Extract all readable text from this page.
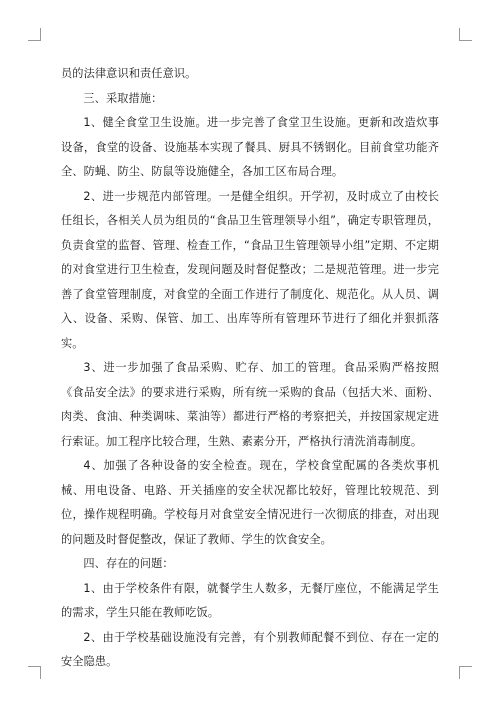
员的法律意识和责任意识。

三、采取措施：

1、健全食堂卫生设施。进一步完善了食堂卫生设施。更新和改造炊事设备，食堂的设备、设施基本实现了餐具、厨具不锈钢化。目前食堂功能齐全、防蝇、防尘、防鼠等设施健全，各加工区布局合理。

2、进一步规范内部管理。一是健全组织。开学初，及时成立了由校长任组长，各相关人员为组员的“食品卫生管理领导小组”，确定专职管理员，负责食堂的监督、管理、检查工作，“食品卫生管理领导小组”定期、不定期的对食堂进行卫生检查，发现问题及时督促整改；二是规范管理。进一步完善了食堂管理制度，对食堂的全面工作进行了制度化、规范化。从人员、调入、设备、采购、保管、加工、出库等所有管理环节进行了细化并狠抓落实。

3、进一步加强了食品采购、贮存、加工的管理。食品采购严格按照《食品安全法》的要求进行采购，所有统一采购的食品（包括大米、面粉、肉类、食油、种类调味、菜油等）都进行严格的考察把关，并按国家规定进行索证。加工程序比较合理，生熟、素素分开，严格执行清洗消毒制度。

4、加强了各种设备的安全检查。现在，学校食堂配属的各类炊事机械、用电设备、电路、开关插座的安全状况都比较好，管理比较规范、到位，操作规程明确。学校每月对食堂安全情况进行一次彻底的排查，对出现的问题及时督促整改，保证了教师、学生的饮食安全。

四、存在的问题：

1、由于学校条件有限，就餐学生人数多，无餐厅座位，不能满足学生的需求，学生只能在教师吃饭。

2、由于学校基础设施没有完善，有个别教师配餐不到位、存在一定的安全隐患。
